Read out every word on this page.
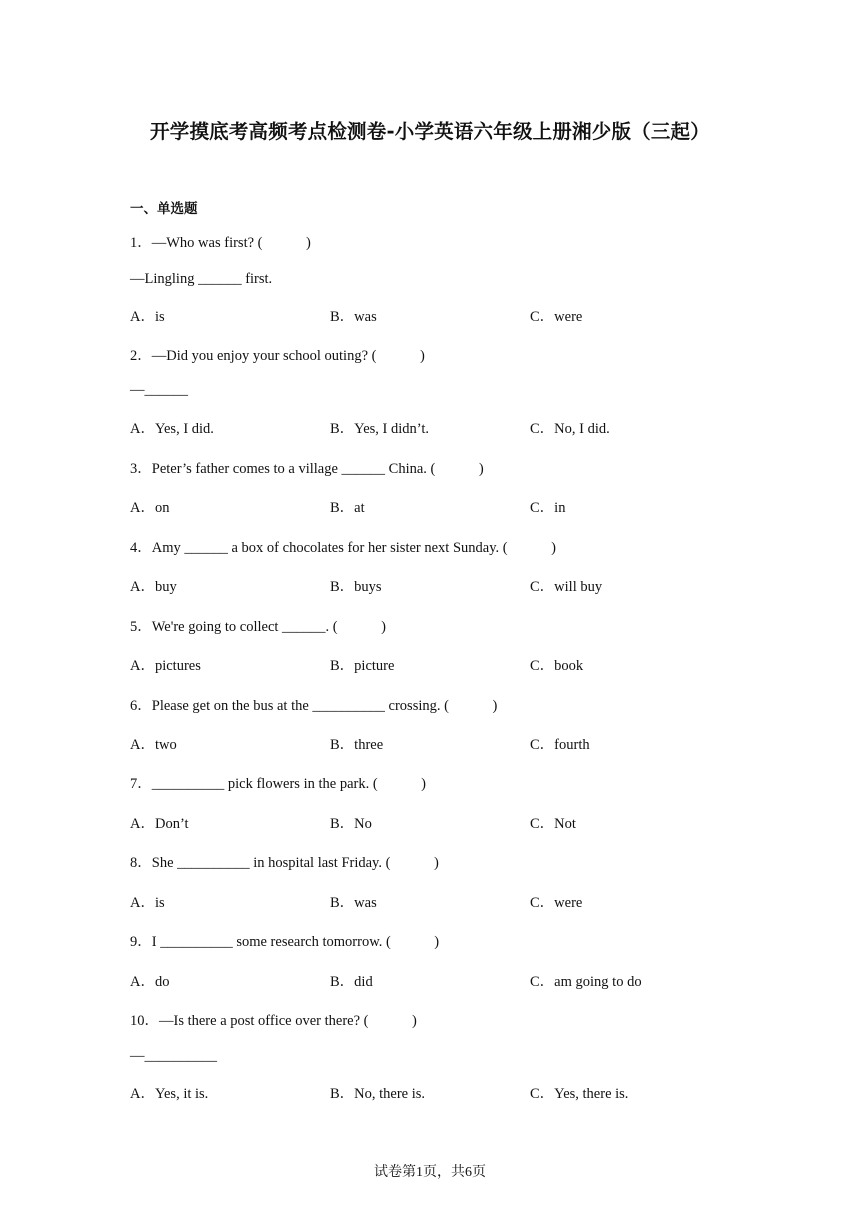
开学摸底考高频考点检测卷-小学英语六年级上册湘少版（三起）
一、单选题
1．—Who was first? (　　　)
—Lingling ______ first.
A．is	B．was	C．were
2．—Did you enjoy your school outing? (　　　)
—______
A．Yes, I did.	B．Yes, I didn’t.	C．No, I did.
3．Peter’s father comes to a village ______ China. (　　　)
A．on	B．at	C．in
4．Amy ______ a box of chocolates for her sister next Sunday. (　　　)
A．buy	B．buys	C．will buy
5．We're going to collect ______. (　　　)
A．pictures	B．picture	C．book
6．Please get on the bus at the __________ crossing. (　　　)
A．two	B．three	C．fourth
7．__________ pick flowers in the park. (　　　)
A．Don’t	B．No	C．Not
8．She __________ in hospital last Friday. (　　　)
A．is	B．was	C．were
9．I __________ some research tomorrow. (　　　)
A．do	B．did	C．am going to do
10．—Is there a post office over there? (　　　)
—__________
A．Yes, it is.	B．No, there is.	C．Yes, there is.
试卷第1页，共6页
